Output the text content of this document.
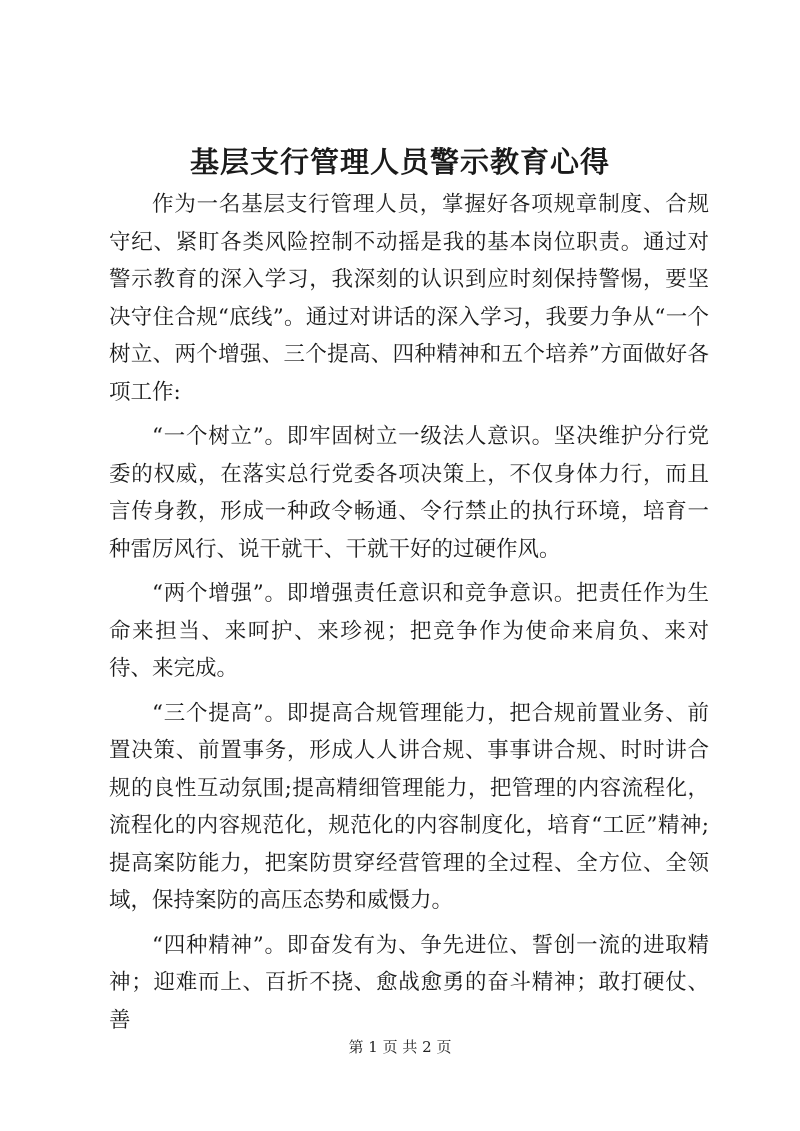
基层支行管理人员警示教育心得

作为一名基层支行管理人员，掌握好各项规章制度、合规守纪、紧盯各类风险控制不动摇是我的基本岗位职责。通过对警示教育的深入学习，我深刻的认识到应时刻保持警惕，要坚决守住合规“底线”。通过对讲话的深入学习，我要力争从“一个树立、两个增强、三个提高、四种精神和五个培养”方面做好各项工作:

“一个树立”。即牢固树立一级法人意识。坚决维护分行党委的权威，在落实总行党委各项决策上，不仅身体力行，而且言传身教，形成一种政令畅通、令行禁止的执行环境，培育一种雷厉风行、说干就干、干就干好的过硬作风。

“两个增强”。即增强责任意识和竞争意识。把责任作为生命来担当、来呵护、来珍视；把竞争作为使命来肩负、来对待、来完成。

“三个提高”。即提高合规管理能力，把合规前置业务、前置决策、前置事务，形成人人讲合规、事事讲合规、时时讲合规的良性互动氛围;提高精细管理能力，把管理的内容流程化，流程化的内容规范化，规范化的内容制度化，培育“工匠”精神;提高案防能力，把案防贯穿经营管理的全过程、全方位、全领域，保持案防的高压态势和威慑力。

“四种精神”。即奋发有为、争先进位、誓创一流的进取精神；迎难而上、百折不挠、愈战愈勇的奋斗精神；敢打硬仗、善

第 1 页 共 2 页
